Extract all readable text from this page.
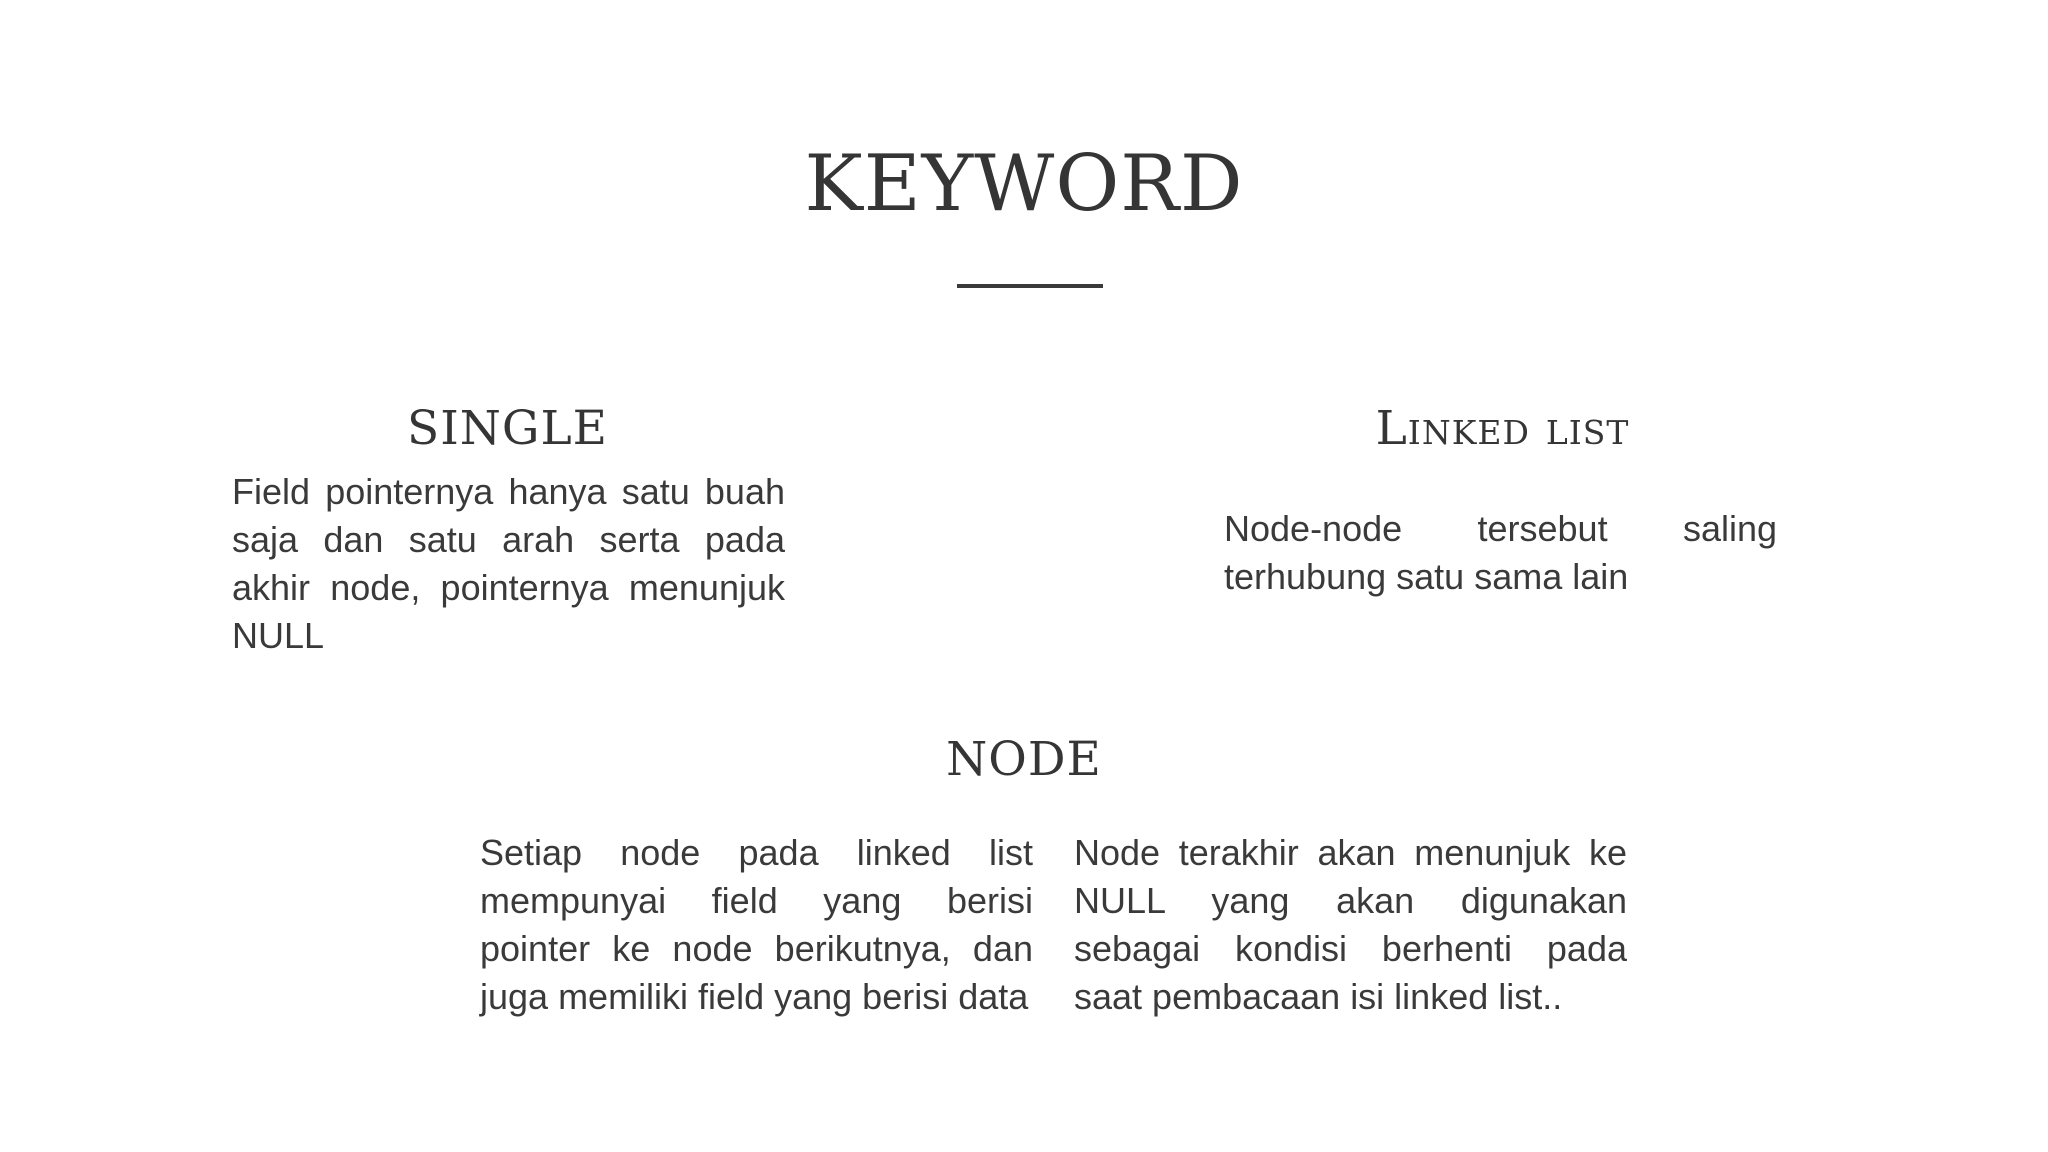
KEYWORD
SINGLE

Field pointernya hanya satu buah saja dan satu arah serta pada akhir node, pointernya menunjuk NULL

Linked list

Node-node tersebut saling terhubung satu sama lain

NODE

Setiap node pada linked list mempunyai field yang berisi pointer ke node berikutnya, dan juga memiliki field yang berisi data

Node terakhir akan menunjuk ke NULL yang akan digunakan sebagai kondisi berhenti pada saat pembacaan isi linked list..
